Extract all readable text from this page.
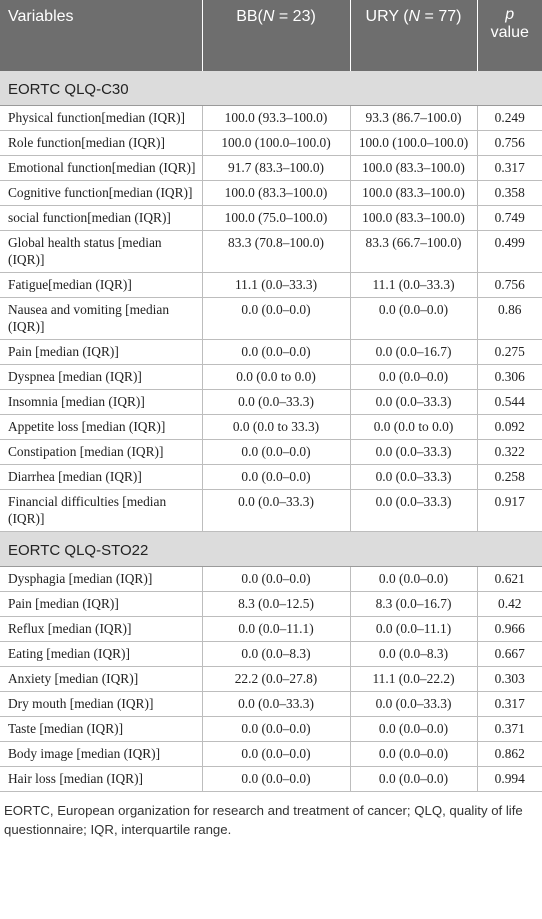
Variables	BB(N = 23)	URY (N = 77)	p
value
EORTC QLQ-C30			
Physical function[median (IQR)]	100.0 (93.3–100.0)	93.3 (86.7–100.0)	0.249
Role function[median (IQR)]	100.0 (100.0–100.0)	100.0 (100.0–100.0)	0.756
Emotional function[median (IQR)]	91.7 (83.3–100.0)	100.0 (83.3–100.0)	0.317
Cognitive function[median (IQR)]	100.0 (83.3–100.0)	100.0 (83.3–100.0)	0.358
social function[median (IQR)]	100.0 (75.0–100.0)	100.0 (83.3–100.0)	0.749
Global health status [median (IQR)]	83.3 (70.8–100.0)	83.3 (66.7–100.0)	0.499
Fatigue[median (IQR)]	11.1 (0.0–33.3)	11.1 (0.0–33.3)	0.756
Nausea and vomiting [median (IQR)]	0.0 (0.0–0.0)	0.0 (0.0–0.0)	0.86
Pain [median (IQR)]	0.0 (0.0–0.0)	0.0 (0.0–16.7)	0.275
Dyspnea [median (IQR)]	0.0 (0.0 to 0.0)	0.0 (0.0–0.0)	0.306
Insomnia [median (IQR)]	0.0 (0.0–33.3)	0.0 (0.0–33.3)	0.544
Appetite loss [median (IQR)]	0.0 (0.0 to 33.3)	0.0 (0.0 to 0.0)	0.092
Constipation [median (IQR)]	0.0 (0.0–0.0)	0.0 (0.0–33.3)	0.322
Diarrhea [median (IQR)]	0.0 (0.0–0.0)	0.0 (0.0–33.3)	0.258
Financial difficulties [median (IQR)]	0.0 (0.0–33.3)	0.0 (0.0–33.3)	0.917
EORTC QLQ-STO22			
Dysphagia [median (IQR)]	0.0 (0.0–0.0)	0.0 (0.0–0.0)	0.621
Pain [median (IQR)]	8.3 (0.0–12.5)	8.3 (0.0–16.7)	0.42
Reflux [median (IQR)]	0.0 (0.0–11.1)	0.0 (0.0–11.1)	0.966
Eating [median (IQR)]	0.0 (0.0–8.3)	0.0 (0.0–8.3)	0.667
Anxiety [median (IQR)]	22.2 (0.0–27.8)	11.1 (0.0–22.2)	0.303
Dry mouth [median (IQR)]	0.0 (0.0–33.3)	0.0 (0.0–33.3)	0.317
Taste [median (IQR)]	0.0 (0.0–0.0)	0.0 (0.0–0.0)	0.371
Body image [median (IQR)]	0.0 (0.0–0.0)	0.0 (0.0–0.0)	0.862
Hair loss [median (IQR)]	0.0 (0.0–0.0)	0.0 (0.0–0.0)	0.994
EORTC, European organization for research and treatment of cancer; QLQ, quality of life questionnaire; IQR, interquartile range.
